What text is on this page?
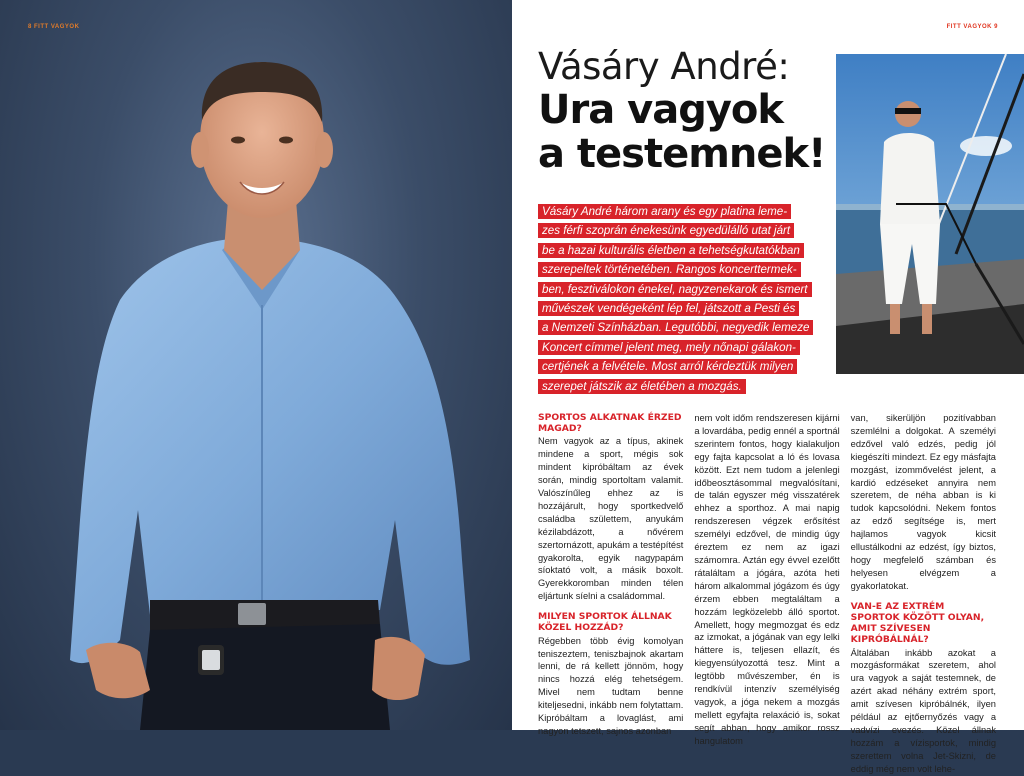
8 FITT VAGYOK	FITT VAGYOK 9
Vásáry André:
Ura vagyok
a testemnek!

Vásáry André három arany és egy platina leme-
zes férfi szoprán énekesünk egyedülálló utat járt
be a hazai kulturális életben a tehetségkutatókban
szerepeltek történetében. Rangos koncerttermek-
ben, fesztiválokon énekel, nagyzenekarok és ismert
művészek vendégeként lép fel, játszott a Pesti és
a Nemzeti Színházban. Legutóbbi, negyedik lemeze
Koncert címmel jelent meg, mely nőnapi gálakon-
certjének a felvétele. Most arról kérdeztük milyen
szerepet játszik az életében a mozgás.

SPORTOS ALKATNAK ÉRZED MAGAD?

Nem vagyok az a típus, akinek mindene a sport, mégis sok mindent kipróbáltam az évek során, mindig sportoltam valamit. Valószínűleg ehhez az is hozzájárult, hogy sportkedvelő családba születtem, anyukám kézilabdázott, a nővérem szertornázott, apukám a testépítést gyakorolta, egyik nagypapám síoktató volt, a másik boxolt. Gyerekkoromban minden télen eljártunk síelni a családommal.

MILYEN SPORTOK ÁLLNAK KÖZEL HOZZÁD?

Régebben több évig komolyan teniszeztem, teniszbajnok akartam lenni, de rá kellett jönnöm, hogy nincs hozzá elég tehetségem. Mivel nem tudtam benne kiteljesedni, inkább nem folytattam. Kipróbáltam a lovaglást, ami nagyon tetszett, sajnos azonban

nem volt időm rendszeresen kijárni a lovardába, pedig ennél a sportnál szerintem fontos, hogy kialakuljon egy fajta kapcsolat a ló és lovasa között. Ezt nem tudom a jelenlegi időbeosztásommal megvalósítani, de talán egyszer még visszatérek ehhez a sporthoz. A mai napig rendszeresen végzek erősítést személyi edzővel, de mindig úgy éreztem ez nem az igazi számomra. Aztán egy évvel ezelőtt rátaláltam a jógára, azóta heti három alkalommal jógázom és úgy érzem ebben megtaláltam a hozzám legközelebb álló sportot. Amellett, hogy megmozgat és edz az izmokat, a jógának van egy lelki háttere is, teljesen ellazít, és kiegyensúlyozottá tesz. Mint a legtöbb művészember, én is rendkívül intenzív személyiség vagyok, a jóga nekem a mozgás mellett egyfajta relaxáció is, sokat segít abban, hogy amikor rossz hangulatom

van, sikerüljön pozitívabban szemlélni a dolgokat. A személyi edzővel való edzés, pedig jól kiegészíti mindezt. Ez egy másfajta mozgást, izommővelést jelent, a kardió edzéseket annyira nem szeretem, de néha abban is ki tudok kapcsolódni. Nekem fontos az edző segítsége is, mert hajlamos vagyok kicsit ellustálkodni az edzést, így biztos, hogy megfelelő számban és helyesen elvégzem a gyakorlatokat.

VAN-E AZ EXTRÉM SPORTOK KÖZÖTT OLYAN, AMIT SZÍVESEN KIPRÓBÁLNÁL?

Általában inkább azokat a mozgásformákat szeretem, ahol ura vagyok a saját testemnek, de azért akad néhány extrém sport, amit szívesen kipróbálnék, ilyen például az ejtőernyőzés vagy a vadvízi evezés. Közel állnak hozzám a vízisportok, mindig szerettem volna Jet-Skizni, de eddig még nem volt lehe-
